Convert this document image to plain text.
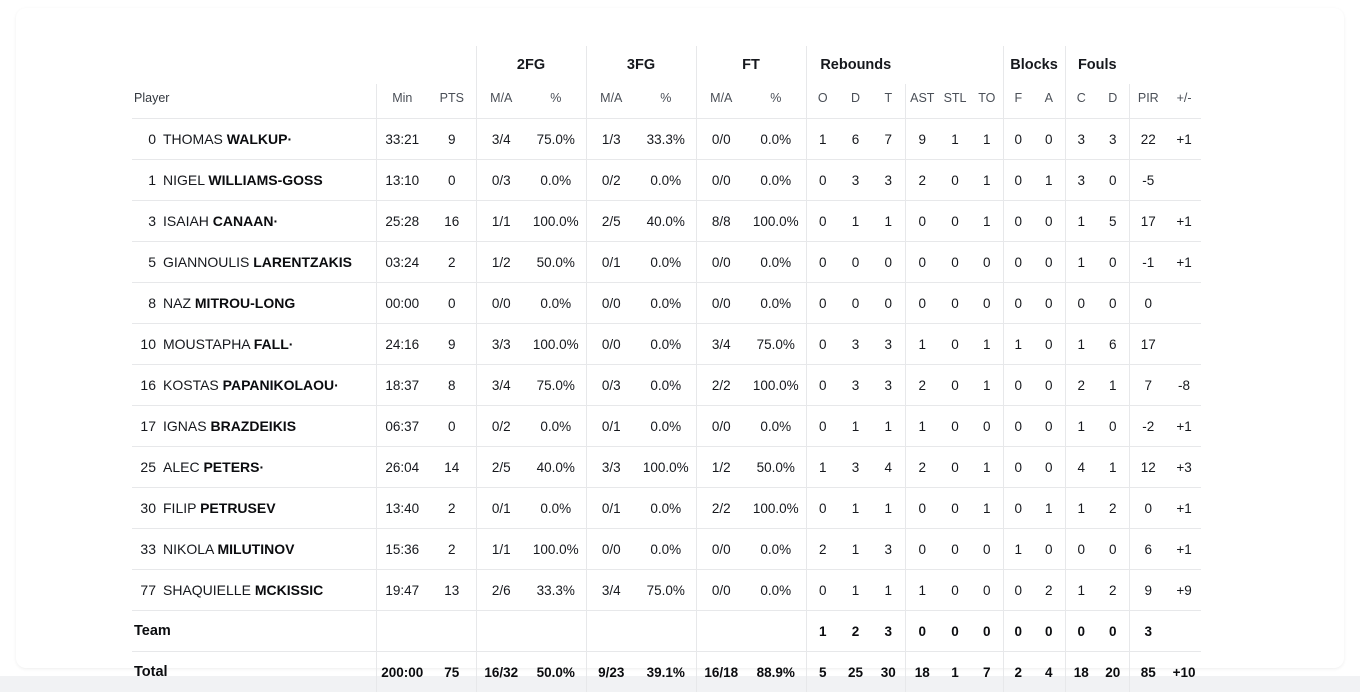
				2FG		3FG		FT		Rebounds						Blocks		Fouls			
Player		Min	PTS	M/A	%	M/A	%	M/A	%	O	D	T	AST	STL	TO	F	A	C	D	PIR	+/-
0 THOMAS WALKUP·		33:21	9	3/4	75.0%	1/3	33.3%	0/0	0.0%	1	6	7	9	1	1	0	0	3	3	22	+1
1 NIGEL WILLIAMS-GOSS		13:10	0	0/3	0.0%	0/2	0.0%	0/0	0.0%	0	3	3	2	0	1	0	1	3	0	-5	
3 ISAIAH CANAAN·		25:28	16	1/1	100.0%	2/5	40.0%	8/8	100.0%	0	1	1	0	0	1	0	0	1	5	17	+1
5 GIANNOULIS LARENTZAKIS		03:24	2	1/2	50.0%	0/1	0.0%	0/0	0.0%	0	0	0	0	0	0	0	0	1	0	-1	+1
8 NAZ MITROU-LONG		00:00	0	0/0	0.0%	0/0	0.0%	0/0	0.0%	0	0	0	0	0	0	0	0	0	0	0	
10 MOUSTAPHA FALL·		24:16	9	3/3	100.0%	0/0	0.0%	3/4	75.0%	0	3	3	1	0	1	1	0	1	6	17	
16 KOSTAS PAPANIKOLAOU·		18:37	8	3/4	75.0%	0/3	0.0%	2/2	100.0%	0	3	3	2	0	1	0	0	2	1	7	-8
17 IGNAS BRAZDEIKIS		06:37	0	0/2	0.0%	0/1	0.0%	0/0	0.0%	0	1	1	1	0	0	0	0	1	0	-2	+1
25 ALEC PETERS·		26:04	14	2/5	40.0%	3/3	100.0%	1/2	50.0%	1	3	4	2	0	1	0	0	4	1	12	+3
30 FILIP PETRUSEV		13:40	2	0/1	0.0%	0/1	0.0%	2/2	100.0%	0	1	1	0	0	1	0	1	1	2	0	+1
33 NIKOLA MILUTINOV		15:36	2	1/1	100.0%	0/0	0.0%	0/0	0.0%	2	1	3	0	0	0	1	0	0	0	6	+1
77 SHAQUIELLE MCKISSIC		19:47	13	2/6	33.3%	3/4	75.0%	0/0	0.0%	0	1	1	1	0	0	0	2	1	2	9	+9
Team										1	2	3	0	0	0	0	0	0	0	3	
Total		200:00	75	16/32	50.0%	9/23	39.1%	16/18	88.9%	5	25	30	18	1	7	2	4	18	20	85	+10
